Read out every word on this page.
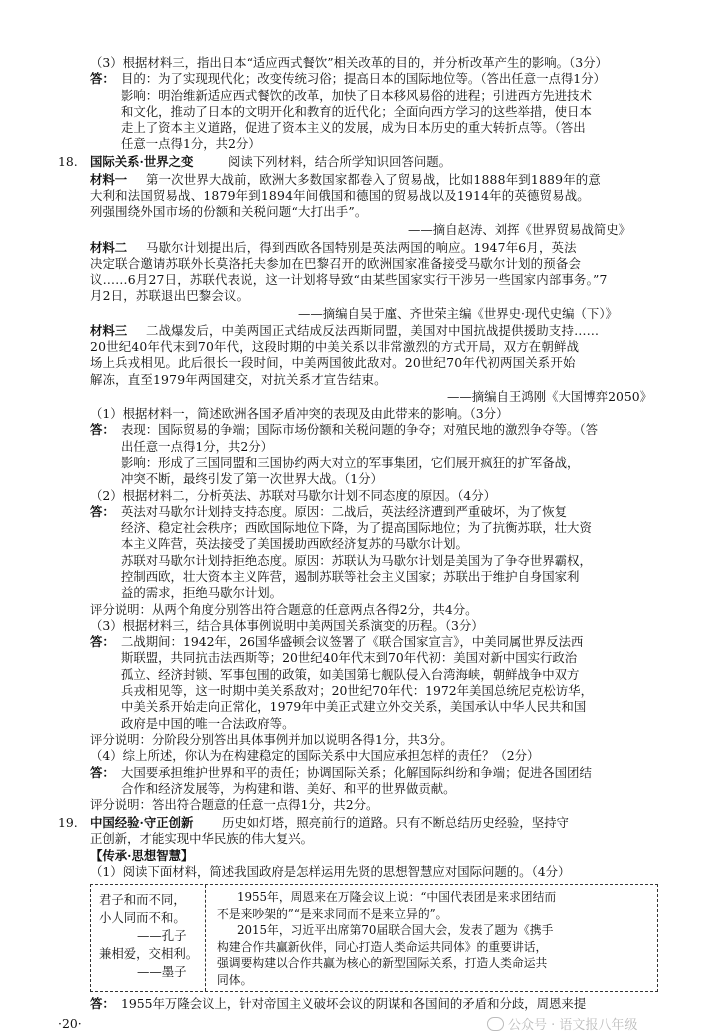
（3）根据材料三，指出日本“适应西式餐饮”相关改革的目的，并分析改革产生的影响。（3分）
答： 目的：为了实现现代化；改变传统习俗；提高日本的国际地位等。（答出任意一点得1分）
影响：明治维新适应西式餐饮的改革，加快了日本移风易俗的进程；引进西方先进技术
和文化，推动了日本的文明开化和教育的近代化；全面向西方学习的这些举措，使日本
走上了资本主义道路，促进了资本主义的发展，成为日本历史的重大转折点等。（答出
任意一点得1分，共2分）
18. 国际关系·世界之变	阅读下列材料，结合所学知识回答问题。
材料一 第一次世界大战前，欧洲大多数国家都卷入了贸易战，比如1888年到1889年的意
大利和法国贸易战、1879年到1894年间俄国和德国的贸易战以及1914年的英德贸易战。
列强围绕外国市场的份额和关税问题“大打出手”。
——摘自赵涛、刘挥《世界贸易战简史》
材料二 马歇尔计划提出后，得到西欧各国特别是英法两国的响应。1947年6月，英法
决定联合邀请苏联外长莫洛托夫参加在巴黎召开的欧洲国家准备接受马歇尔计划的预备会
议……6月27日，苏联代表说，这一计划将导致“由某些国家实行干涉另一些国家内部事务。”7
月2日，苏联退出巴黎会议。
——摘编自吴于廑、齐世荣主编《世界史·现代史编（下）》
材料三 二战爆发后，中美两国正式结成反法西斯同盟，美国对中国抗战提供援助支持……
20世纪40年代末到70年代，这段时期的中美关系以非常激烈的方式开局，双方在朝鲜战
场上兵戎相见。此后很长一段时间，中美两国彼此敌对。20世纪70年代初两国关系开始
解冻，直至1979年两国建交，对抗关系才宣告结束。
——摘编自王鸿刚《大国博弈2050》
（1）根据材料一，简述欧洲各国矛盾冲突的表现及由此带来的影响。（3分）
答： 表现：国际贸易的争端；国际市场份额和关税问题的争夺；对殖民地的激烈争夺等。（答
出任意一点得1分，共2分）
影响：形成了三国同盟和三国协约两大对立的军事集团，它们展开疯狂的扩军备战，
冲突不断，最终引发了第一次世界大战。（1分）
（2）根据材料二，分析英法、苏联对马歇尔计划不同态度的原因。（4分）
答： 英法对马歇尔计划持支持态度。原因：二战后，英法经济遭到严重破坏，为了恢复
经济、稳定社会秩序；西欧国际地位下降，为了提高国际地位；为了抗衡苏联，壮大资
本主义阵营，英法接受了美国援助西欧经济复苏的马歇尔计划。
苏联对马歇尔计划持拒绝态度。原因：苏联认为马歇尔计划是美国为了争夺世界霸权，
控制西欧，壮大资本主义阵营，遏制苏联等社会主义国家；苏联出于维护自身国家利
益的需求，拒绝马歇尔计划。
评分说明：从两个角度分别答出符合题意的任意两点各得2分，共4分。
（3）根据材料三，结合具体事例说明中美两国关系演变的历程。（3分）
答： 二战期间：1942年，26国华盛顿会议签署了《联合国家宣言》，中美同属世界反法西
斯联盟，共同抗击法西斯等；20世纪40年代末到70年代初：美国对新中国实行政治
孤立、经济封锁、军事包围的政策，如美国第七舰队侵入台湾海峡，朝鲜战争中双方
兵戎相见等，这一时期中美关系敌对；20世纪70年代：1972年美国总统尼克松访华，
中美关系开始走向正常化，1979年中美正式建立外交关系，美国承认中华人民共和国
政府是中国的唯一合法政府等。
评分说明：分阶段分别答出具体事例并加以说明各得1分，共3分。
（4）综上所述，你认为在构建稳定的国际关系中大国应承担怎样的责任？（2分）
答： 大国要承担维护世界和平的责任；协调国际关系；化解国际纠纷和争端；促进各国团结
合作和经济发展等，为构建和谐、美好、和平的世界做贡献。
评分说明：答出符合题意的任意一点得1分，共2分。
19. 中国经验·守正创新 历史如灯塔，照亮前行的道路。只有不断总结历史经验，坚持守
正创新，才能实现中华民族的伟大复兴。
【传承·思想智慧】
（1）阅读下面材料，简述我国政府是怎样运用先贤的思想智慧应对国际问题的。（4分）
答： 1955年万隆会议上，针对帝国主义破坏会议的阴谋和各国间的矛盾和分歧，周恩来提
君子和而不同，
小人同而不和。
——孔子
兼相爱，交相利。
——墨子
1955年，周恩来在万隆会议上说：“中国代表团是来求团结而
不是来吵架的”“是来求同而不是来立异的”。
2015年，习近平出席第70届联合国大会，发表了题为《携手
构建合作共赢新伙伴，同心打造人类命运共同体》的重要讲话，
强调要构建以合作共赢为核心的新型国际关系，打造人类命运共
同体。
·20·	公众号 · 语文报八年级
